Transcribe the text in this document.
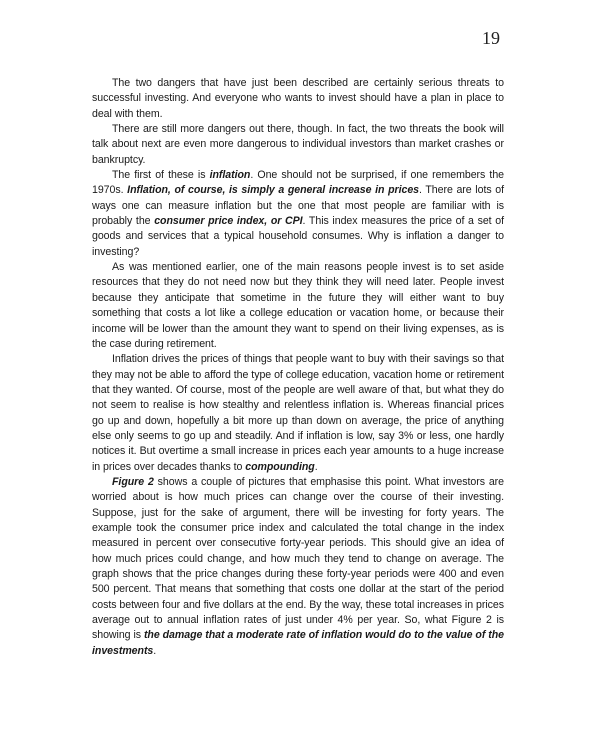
19

The two dangers that have just been described are certainly serious threats to successful investing. And everyone who wants to invest should have a plan in place to deal with them.

There are still more dangers out there, though. In fact, the two threats the book will talk about next are even more dangerous to individual investors than market crashes or bankruptcy.

The first of these is inflation. One should not be surprised, if one remembers the 1970s. Inflation, of course, is simply a general increase in prices. There are lots of ways one can measure inflation but the one that most people are familiar with is probably the consumer price index, or CPI. This index measures the price of a set of goods and services that a typical household consumes. Why is inflation a danger to investing?

As was mentioned earlier, one of the main reasons people invest is to set aside resources that they do not need now but they think they will need later. People invest because they anticipate that sometime in the future they will either want to buy something that costs a lot like a college education or vacation home, or because their income will be lower than the amount they want to spend on their living expenses, as is the case during retirement.

Inflation drives the prices of things that people want to buy with their savings so that they may not be able to afford the type of college education, vacation home or retirement that they wanted. Of course, most of the people are well aware of that, but what they do not seem to realise is how stealthy and relentless inflation is. Whereas financial prices go up and down, hopefully a bit more up than down on average, the price of anything else only seems to go up and steadily. And if inflation is low, say 3% or less, one hardly notices it. But overtime a small increase in prices each year amounts to a huge increase in prices over decades thanks to compounding.

Figure 2 shows a couple of pictures that emphasise this point. What investors are worried about is how much prices can change over the course of their investing. Suppose, just for the sake of argument, there will be investing for forty years. The example took the consumer price index and calculated the total change in the index measured in percent over consecutive forty-year periods. This should give an idea of how much prices could change, and how much they tend to change on average. The graph shows that the price changes during these forty-year periods were 400 and even 500 percent. That means that something that costs one dollar at the start of the period costs between four and five dollars at the end. By the way, these total increases in prices average out to annual inflation rates of just under 4% per year. So, what Figure 2 is showing is the damage that a moderate rate of inflation would do to the value of the investments.
